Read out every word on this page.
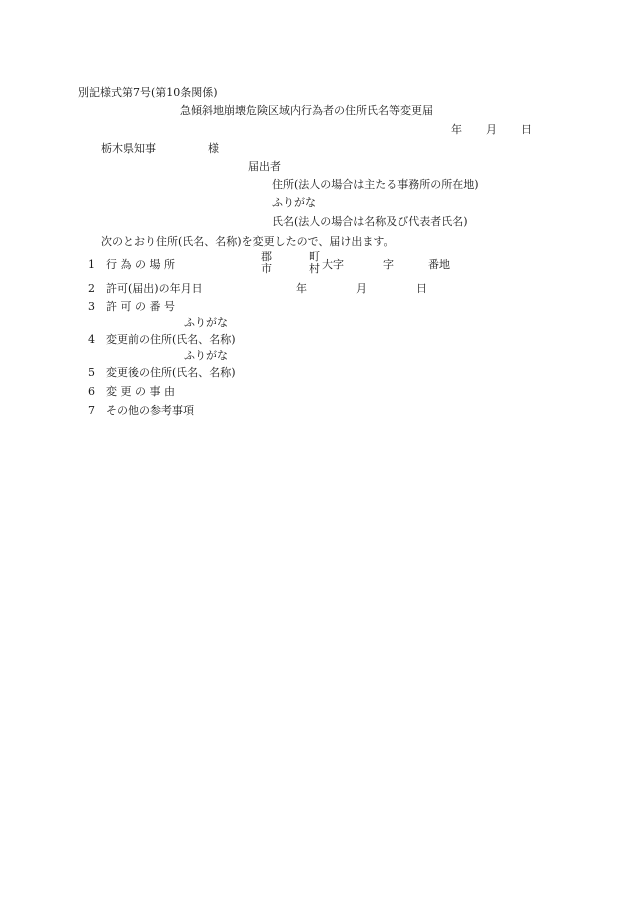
別記様式第7号(第10条関係)
急傾斜地崩壊危険区域内行為者の住所氏名等変更届
年 月 日
栃木県知事	様
届出者
住所(法人の場合は主たる事務所の所在地)
ふりがな
氏名(法人の場合は名称及び代表者氏名)
次のとおり住所(氏名、名称)を変更したので、届け出ます。
1 行 為 の 場 所
郡
市
町
村 大字	字	番地
2 許可(届出)の年月日	年	月	日
3 許 可 の 番 号
ふりがな
4 変更前の住所(氏名、名称)
ふりがな
5 変更後の住所(氏名、名称)
6 変 更 の 事 由
7 その他の参考事項
